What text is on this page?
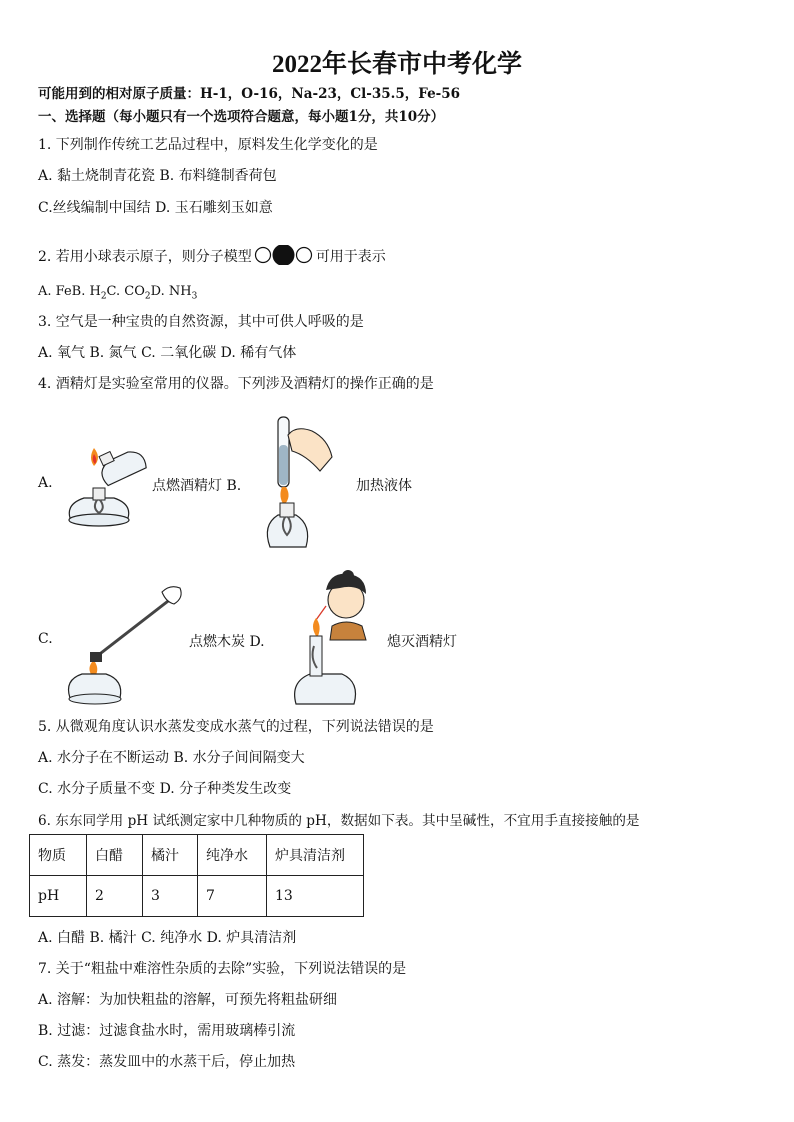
2022年长春市中考化学
可能用到的相对原子质量：H-1，O-16，Na-23，Cl-35.5，Fe-56
一、选择题（每小题只有一个选项符合题意，每小题1分，共10分）
1. 下列制作传统工艺品过程中，原料发生化学变化的是
A. 黏土烧制青花瓷 B. 布料缝制香荷包
C.丝线编制中国结 D. 玉石雕刻玉如意
2. 若用小球表示原子，则分子模型	可用于表示
A. FeB. $H_2C$. $CO_2D$. $NH_3$
3. 空气是一种宝贵的自然资源，其中可供人呼吸的是
A. 氧气 B. 氮气 C. 二氧化碳 D. 稀有气体
4. 酒精灯是实验室常用的仪器。下列涉及酒精灯的操作正确的是
A.	点燃酒精灯 B.	加热液体
C.	点燃木炭 D.	熄灭酒精灯
5. 从微观角度认识水蒸发变成水蒸气的过程，下列说法错误的是
A. 水分子在不断运动 B. 水分子间间隔变大
C. 水分子质量不变 D. 分子种类发生改变
6. 东东同学用 pH 试纸测定家中几种物质的 pH，数据如下表。其中呈碱性，不宜用手直接接触的是
物质	白醋	橘汁	纯净水	炉具清洁剂
pH	2	3	7	13
A. 白醋 B. 橘汁 C. 纯净水 D. 炉具清洁剂
7. 关于“粗盐中难溶性杂质的去除”实验，下列说法错误的是
A. 溶解：为加快粗盐的溶解，可预先将粗盐研细
B. 过滤：过滤食盐水时，需用玻璃棒引流
C. 蒸发：蒸发皿中的水蒸干后，停止加热
